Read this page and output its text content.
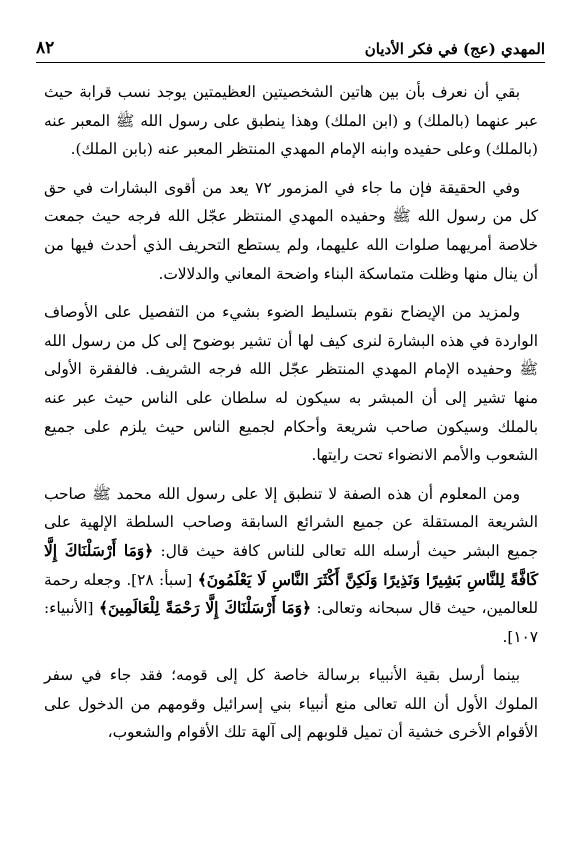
٨٢	المهدي (عج) في فكر الأديان

بقي أن نعرف بأن بين هاتين الشخصيتين العظيمتين يوجد نسب قرابة حيث عبر عنهما (بالملك) و (ابن الملك) وهذا ينطبق على رسول الله ﷺ المعبر عنه (بالملك) وعلى حفيده وابنه الإمام المهدي المنتظر المعبر عنه (بابن الملك).

وفي الحقيقة فإن ما جاء في المزمور ٧٢ يعد من أقوى البشارات في حق كل من رسول الله ﷺ وحفيده المهدي المنتظر عجّل الله فرجه حيث جمعت خلاصة أمريهما صلوات الله عليهما، ولم يستطع التحريف الذي أحدث فيها من أن ينال منها وظلت متماسكة البناء واضحة المعاني والدلالات.

ولمزيد من الإيضاح نقوم بتسليط الضوء بشيء من التفصيل على الأوصاف الواردة في هذه البشارة لنرى كيف لها أن تشير بوضوح إلى كل من رسول الله ﷺ وحفيده الإمام المهدي المنتظر عجّل الله فرجه الشريف. فالفقرة الأولى منها تشير إلى أن المبشر به سيكون له سلطان على الناس حيث عبر عنه بالملك وسيكون صاحب شريعة وأحكام لجميع الناس حيث يلزم على جميع الشعوب والأمم الانضواء تحت رايتها.

ومن المعلوم أن هذه الصفة لا تنطبق إلا على رسول الله محمد ﷺ صاحب الشريعة المستقلة عن جميع الشرائع السابقة وصاحب السلطة الإلهية على جميع البشر حيث أرسله الله تعالى للناس كافة حيث قال: ﴿وَمَا أَرْسَلْنَاكَ إِلَّا كَافَّةً لِلنَّاسِ بَشِيرًا وَنَذِيرًا وَلَكِنَّ أَكْثَرَ النَّاسِ لَا يَعْلَمُونَ﴾ [سبأ: ٢٨]. وجعله رحمة للعالمين، حيث قال سبحانه وتعالى: ﴿وَمَا أَرْسَلْنَاكَ إِلَّا رَحْمَةً لِلْعَالَمِينَ﴾ [الأنبياء: ١٠٧].

بينما أرسل بقية الأنبياء برسالة خاصة كل إلى قومه؛ فقد جاء في سفر الملوك الأول أن الله تعالى منع أنبياء بني إسرائيل وقومهم من الدخول على الأقوام الأخرى خشية أن تميل قلوبهم إلى آلهة تلك الأقوام والشعوب،
